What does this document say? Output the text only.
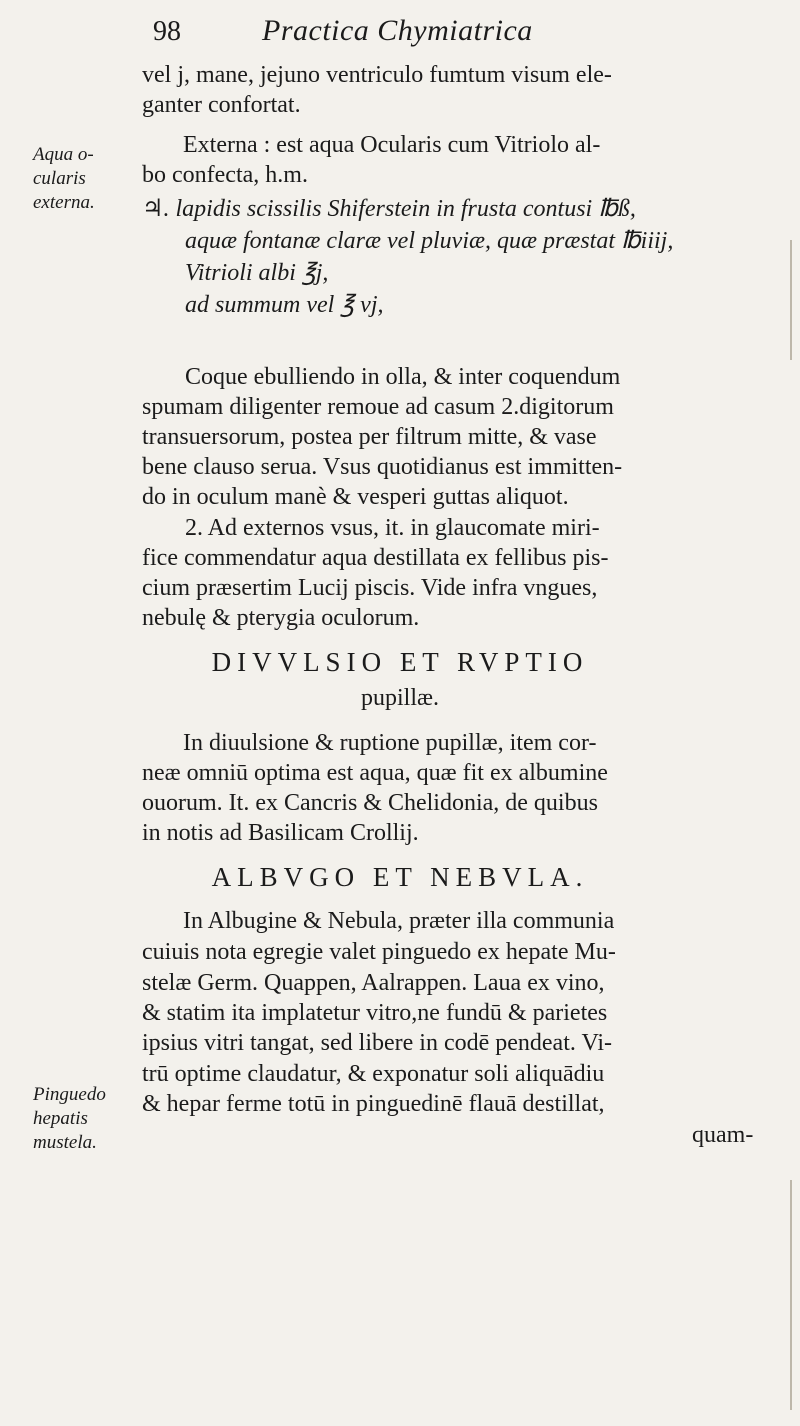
98	Practica Chymiatrica
Aqua o-
cularis
externa.
Pinguedo
hepatis
mustela.
vel j, mane, jejuno ventriculo fumtum visum ele-
ganter confortat.
Externa : est aqua Ocularis cum Vitriolo al-
bo confecta, h.m.
♃. lapidis scissilis Shiferstein in frusta contusi ℔ß,
aquæ fontanæ claræ vel pluviæ, quæ præstat ℔iiij,
Vitrioli albi ℥j,
ad summum vel ℥ vj,
Coque ebulliendo in olla, & inter coquendum
spumam diligenter remoue ad casum 2.digitorum
transuersorum, postea per filtrum mitte, & vase
bene clauso serua. Vsus quotidianus est immitten-
do in oculum manè & vesperi guttas aliquot.
2. Ad externos vsus, it. in glaucomate miri-
fice commendatur aqua destillata ex fellibus pis-
cium præsertim Lucij piscis. Vide infra vngues,
nebulę & pterygia oculorum.
DIVVLSIO ET RVPTIO
pupillæ.
In diuulsione & ruptione pupillæ, item cor-
neæ omniū optima est aqua, quæ fit ex albumine
ouorum. It. ex Cancris & Chelidonia, de quibus
in notis ad Basilicam Crollij.
ALBVGO ET NEBVLA.
In Albugine & Nebula, præter illa communia
cuiuis nota egregie valet pinguedo ex hepate Mu-
stelæ Germ. Quappen, Aalrappen. Laua ex vino,
& statim ita implatetur vitro,ne fundū & parietes
ipsius vitri tangat, sed libere in codē pendeat. Vi-
trū optime claudatur, & exponatur soli aliquādiu
& hepar ferme totū in pinguedinē flauā destillat,
quam-
